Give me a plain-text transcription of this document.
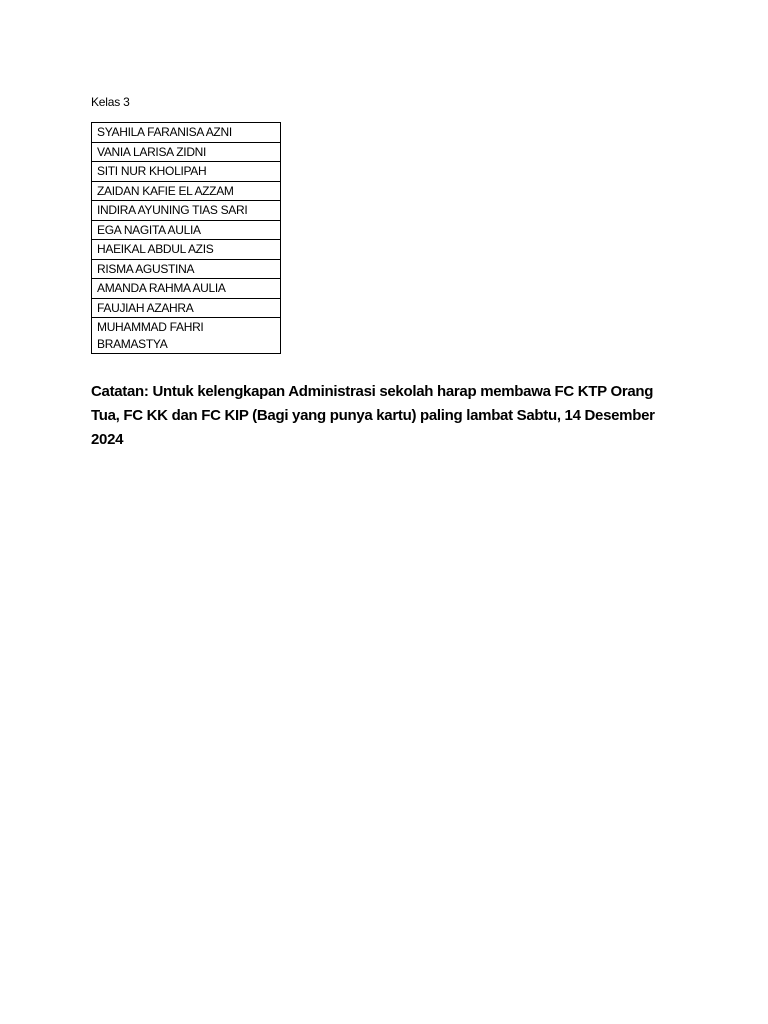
Kelas 3
SYAHILA FARANISA AZNI
VANIA LARISA ZIDNI
SITI NUR KHOLIPAH
ZAIDAN KAFIE EL AZZAM
INDIRA AYUNING TIAS SARI
EGA NAGITA AULIA
HAEIKAL ABDUL AZIS
RISMA AGUSTINA
AMANDA RAHMA AULIA
FAUJIAH AZAHRA
MUHAMMAD FAHRI BRAMASTYA
Catatan: Untuk kelengkapan Administrasi sekolah harap membawa FC KTP Orang Tua, FC KK dan FC KIP (Bagi yang punya kartu) paling lambat Sabtu, 14 Desember 2024
